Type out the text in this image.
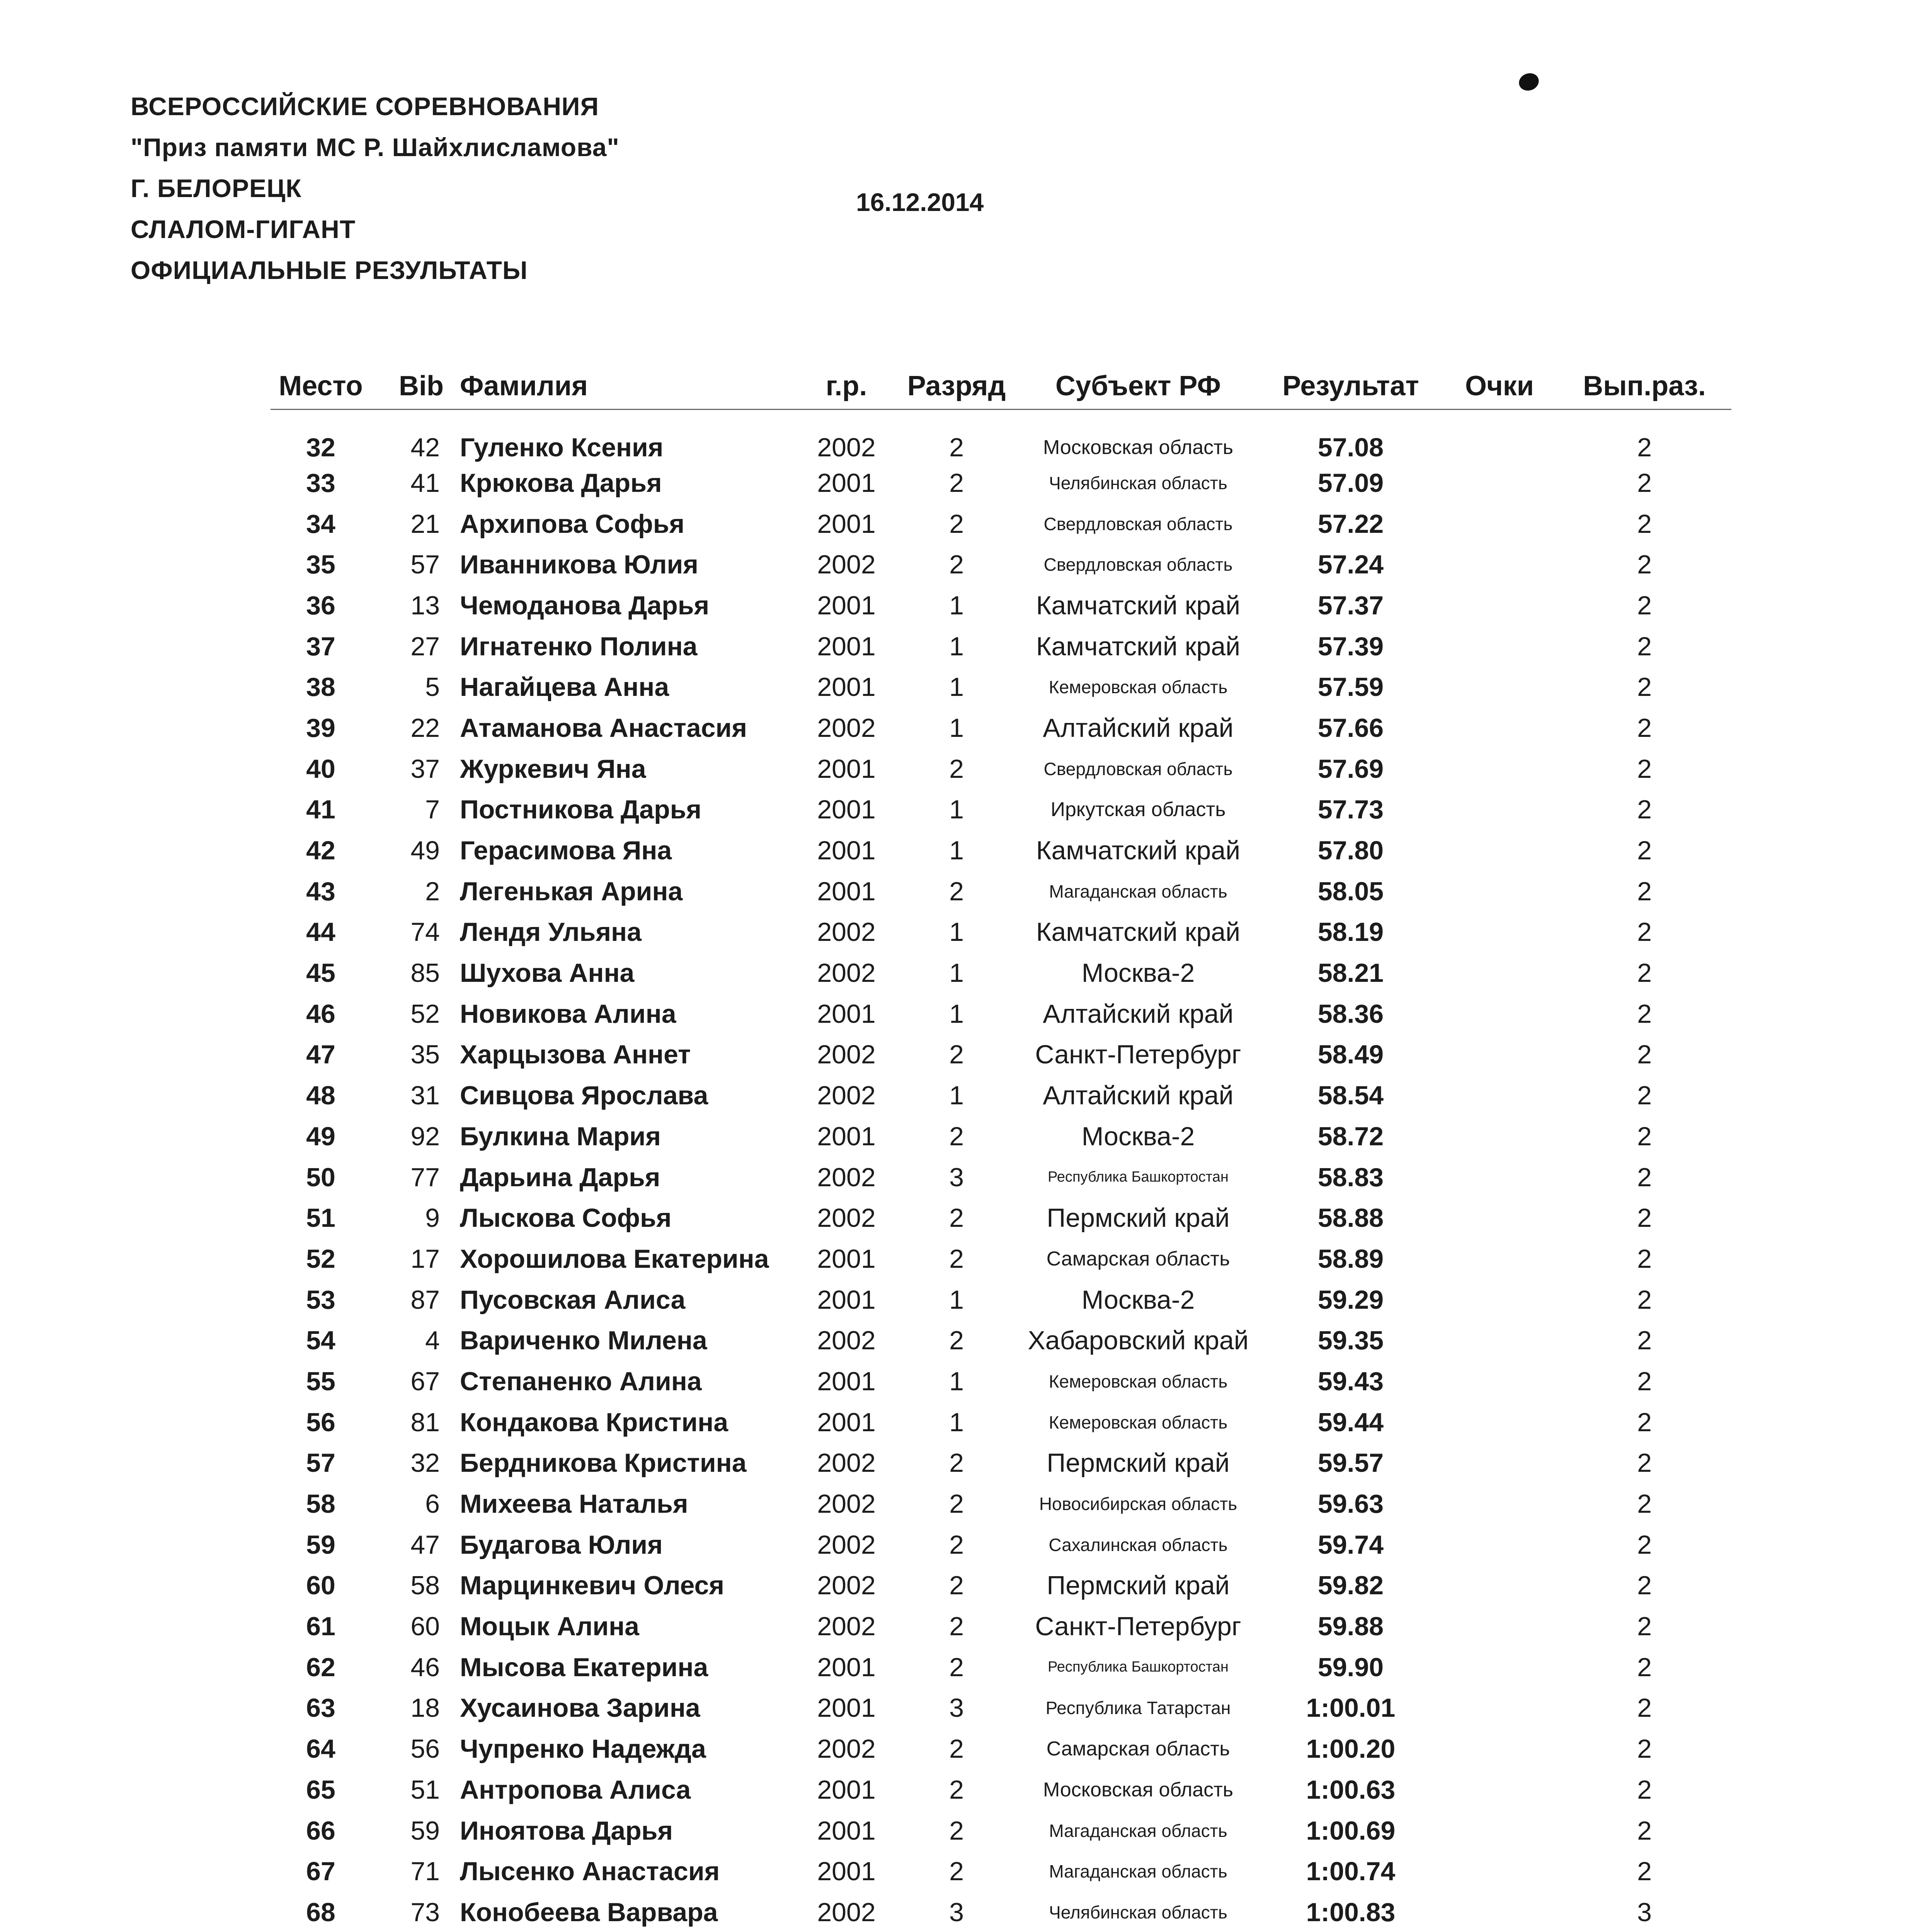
ВСЕРОССИЙСКИЕ СОРЕВНОВАНИЯ
"Приз памяти МС Р. Шайхлисламова"
Г. БЕЛОРЕЦК
СЛАЛОМ-ГИГАНТ
ОФИЦИАЛЬНЫЕ РЕЗУЛЬТАТЫ
16.12.2014
Место	Bib	Фамилия	г.р.	Разряд	Субъект РФ	Результат	Очки	Вып.раз.
32	42	Гуленко Ксения	2002	2	Московская область	57.08		2
33	41	Крюкова Дарья	2001	2	Челябинская область	57.09		2
34	21	Архипова Софья	2001	2	Свердловская область	57.22		2
35	57	Иванникова Юлия	2002	2	Свердловская область	57.24		2
36	13	Чемоданова Дарья	2001	1	Камчатский край	57.37		2
37	27	Игнатенко Полина	2001	1	Камчатский край	57.39		2
38	5	Нагайцева Анна	2001	1	Кемеровская область	57.59		2
39	22	Атаманова Анастасия	2002	1	Алтайский край	57.66		2
40	37	Журкевич Яна	2001	2	Свердловская область	57.69		2
41	7	Постникова Дарья	2001	1	Иркутская область	57.73		2
42	49	Герасимова Яна	2001	1	Камчатский край	57.80		2
43	2	Легенькая Арина	2001	2	Магаданская область	58.05		2
44	74	Лендя Ульяна	2002	1	Камчатский край	58.19		2
45	85	Шухова Анна	2002	1	Москва-2	58.21		2
46	52	Новикова Алина	2001	1	Алтайский край	58.36		2
47	35	Харцызова Аннет	2002	2	Санкт-Петербург	58.49		2
48	31	Сивцова Ярослава	2002	1	Алтайский край	58.54		2
49	92	Булкина Мария	2001	2	Москва-2	58.72		2
50	77	Дарьина Дарья	2002	3	Республика Башкортостан	58.83		2
51	9	Лыскова Софья	2002	2	Пермский край	58.88		2
52	17	Хорошилова Екатерина	2001	2	Самарская область	58.89		2
53	87	Пусовская Алиса	2001	1	Москва-2	59.29		2
54	4	Вариченко Милена	2002	2	Хабаровский край	59.35		2
55	67	Степаненко Алина	2001	1	Кемеровская область	59.43		2
56	81	Кондакова Кристина	2001	1	Кемеровская область	59.44		2
57	32	Бердникова Кристина	2002	2	Пермский край	59.57		2
58	6	Михеева Наталья	2002	2	Новосибирская область	59.63		2
59	47	Будагова Юлия	2002	2	Сахалинская область	59.74		2
60	58	Марцинкевич Олеся	2002	2	Пермский край	59.82		2
61	60	Моцык Алина	2002	2	Санкт-Петербург	59.88		2
62	46	Мысова Екатерина	2001	2	Республика Башкортостан	59.90		2
63	18	Хусаинова Зарина	2001	3	Республика Татарстан	1:00.01		2
64	56	Чупренко Надежда	2002	2	Самарская область	1:00.20		2
65	51	Антропова Алиса	2001	2	Московская область	1:00.63		2
66	59	Иноятова Дарья	2001	2	Магаданская область	1:00.69		2
67	71	Лысенко Анастасия	2001	2	Магаданская область	1:00.74		2
68	73	Конобеева Варвара	2002	3	Челябинская область	1:00.83		3
